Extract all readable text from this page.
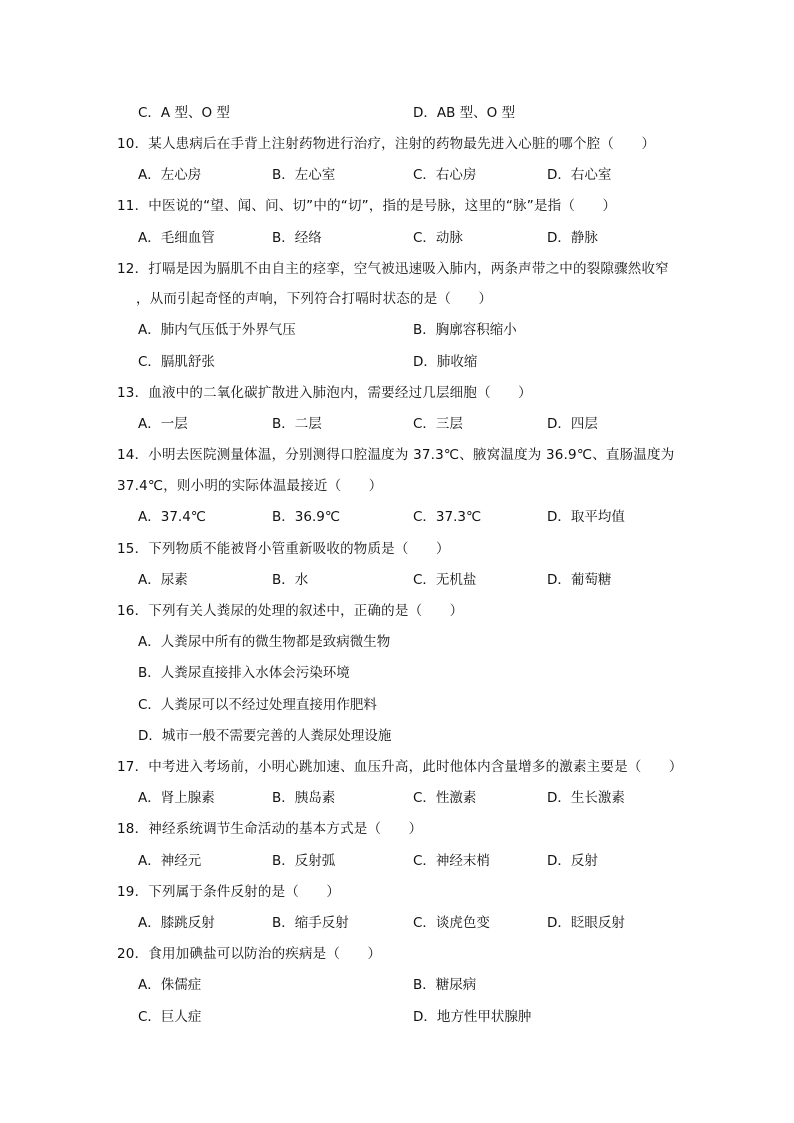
C．A 型、O 型	D．AB 型、O 型
10．某人患病后在手背上注射药物进行治疗，注射的药物最先进入心脏的哪个腔（　　）
A．左心房	B．左心室	C．右心房	D．右心室
11．中医说的“望、闻、问、切”中的“切”，指的是号脉，这里的“脉”是指（　　）
A．毛细血管	B．经络	C．动脉	D．静脉
12．打嗝是因为膈肌不由自主的痉挛，空气被迅速吸入肺内，两条声带之中的裂隙骤然收窄
，从而引起奇怪的声响，下列符合打嗝时状态的是（　　）
A．肺内气压低于外界气压	B．胸廓容积缩小
C．膈肌舒张	D．肺收缩
13．血液中的二氧化碳扩散进入肺泡内，需要经过几层细胞（　　）
A．一层	B．二层	C．三层	D．四层
14．小明去医院测量体温，分别测得口腔温度为 37.3℃、腋窝温度为 36.9℃、直肠温度为
37.4℃，则小明的实际体温最接近（　　）
A．37.4℃	B．36.9℃	C．37.3℃	D．取平均值
15．下列物质不能被肾小管重新吸收的物质是（　　）
A．尿素	B．水	C．无机盐	D．葡萄糖
16．下列有关人粪尿的处理的叙述中，正确的是（　　）
A．人粪尿中所有的微生物都是致病微生物
B．人粪尿直接排入水体会污染环境
C．人粪尿可以不经过处理直接用作肥料
D．城市一般不需要完善的人粪尿处理设施
17．中考进入考场前，小明心跳加速、血压升高，此时他体内含量增多的激素主要是（　　）
A．肾上腺素	B．胰岛素	C．性激素	D．生长激素
18．神经系统调节生命活动的基本方式是（　　）
A．神经元	B．反射弧	C．神经末梢	D．反射
19．下列属于条件反射的是（　　）
A．膝跳反射	B．缩手反射	C．谈虎色变	D．眨眼反射
20．食用加碘盐可以防治的疾病是（　　）
A．侏儒症	B．糖尿病
C．巨人症	D．地方性甲状腺肿
